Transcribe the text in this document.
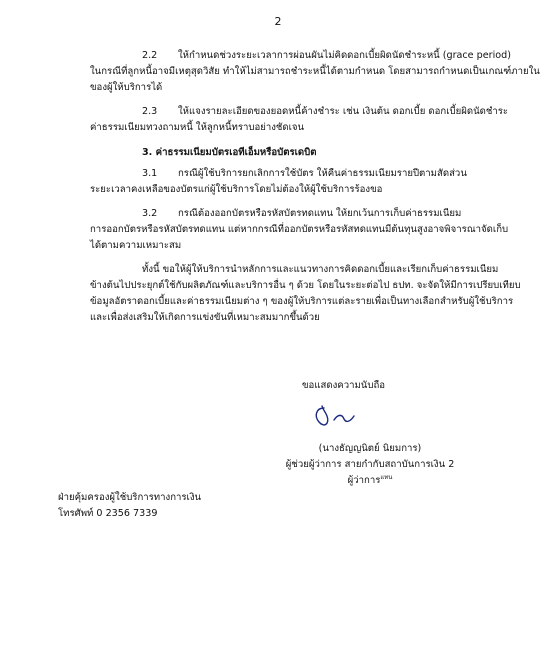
2
2.2 ให้กำหนดช่วงระยะเวลาการผ่อนผันไม่คิดดอกเบี้ยผิดนัดชำระหนี้ (grace period)
ในกรณีที่ลูกหนี้อาจมีเหตุสุดวิสัย ทำให้ไม่สามารถชำระหนี้ได้ตามกำหนด โดยสามารถกำหนดเป็นเกณฑ์ภายใน
ของผู้ให้บริการได้
2.3 ให้แจงรายละเอียดของยอดหนี้ค้างชำระ เช่น เงินต้น ดอกเบี้ย ดอกเบี้ยผิดนัดชำระ
ค่าธรรมเนียมทวงถามหนี้ ให้ลูกหนี้ทราบอย่างชัดเจน
3. ค่าธรรมเนียมบัตรเอทีเอ็มหรือบัตรเดบิต
3.1 กรณีผู้ใช้บริการยกเลิกการใช้บัตร ให้คืนค่าธรรมเนียมรายปีตามสัดส่วน
ระยะเวลาคงเหลือของบัตรแก่ผู้ใช้บริการโดยไม่ต้องให้ผู้ใช้บริการร้องขอ
3.2 กรณีต้องออกบัตรหรือรหัสบัตรทดแทน ให้ยกเว้นการเก็บค่าธรรมเนียม
การออกบัตรหรือรหัสบัตรทดแทน แต่หากกรณีที่ออกบัตรหรือรหัสทดแทนมีต้นทุนสูงอาจพิจารณาจัดเก็บ
ได้ตามความเหมาะสม
ทั้งนี้ ขอให้ผู้ให้บริการนำหลักการและแนวทางการคิดดอกเบี้ยและเรียกเก็บค่าธรรมเนียม
ข้างต้นไปประยุกต์ใช้กับผลิตภัณฑ์และบริการอื่น ๆ ด้วย โดยในระยะต่อไป ธปท. จะจัดให้มีการเปรียบเทียบ
ข้อมูลอัตราดอกเบี้ยและค่าธรรมเนียมต่าง ๆ ของผู้ให้บริการแต่ละรายเพื่อเป็นทางเลือกสำหรับผู้ใช้บริการ
และเพื่อส่งเสริมให้เกิดการแข่งขันที่เหมาะสมมากขึ้นด้วย
ขอแสดงความนับถือ
(นางธัญญนิตย์ นิยมการ)
ผู้ช่วยผู้ว่าการ สายกำกับสถาบันการเงิน 2
ผู้ว่าการ$^{แทน}$
ฝ่ายคุ้มครองผู้ใช้บริการทางการเงิน
โทรศัพท์ 0 2356 7339
